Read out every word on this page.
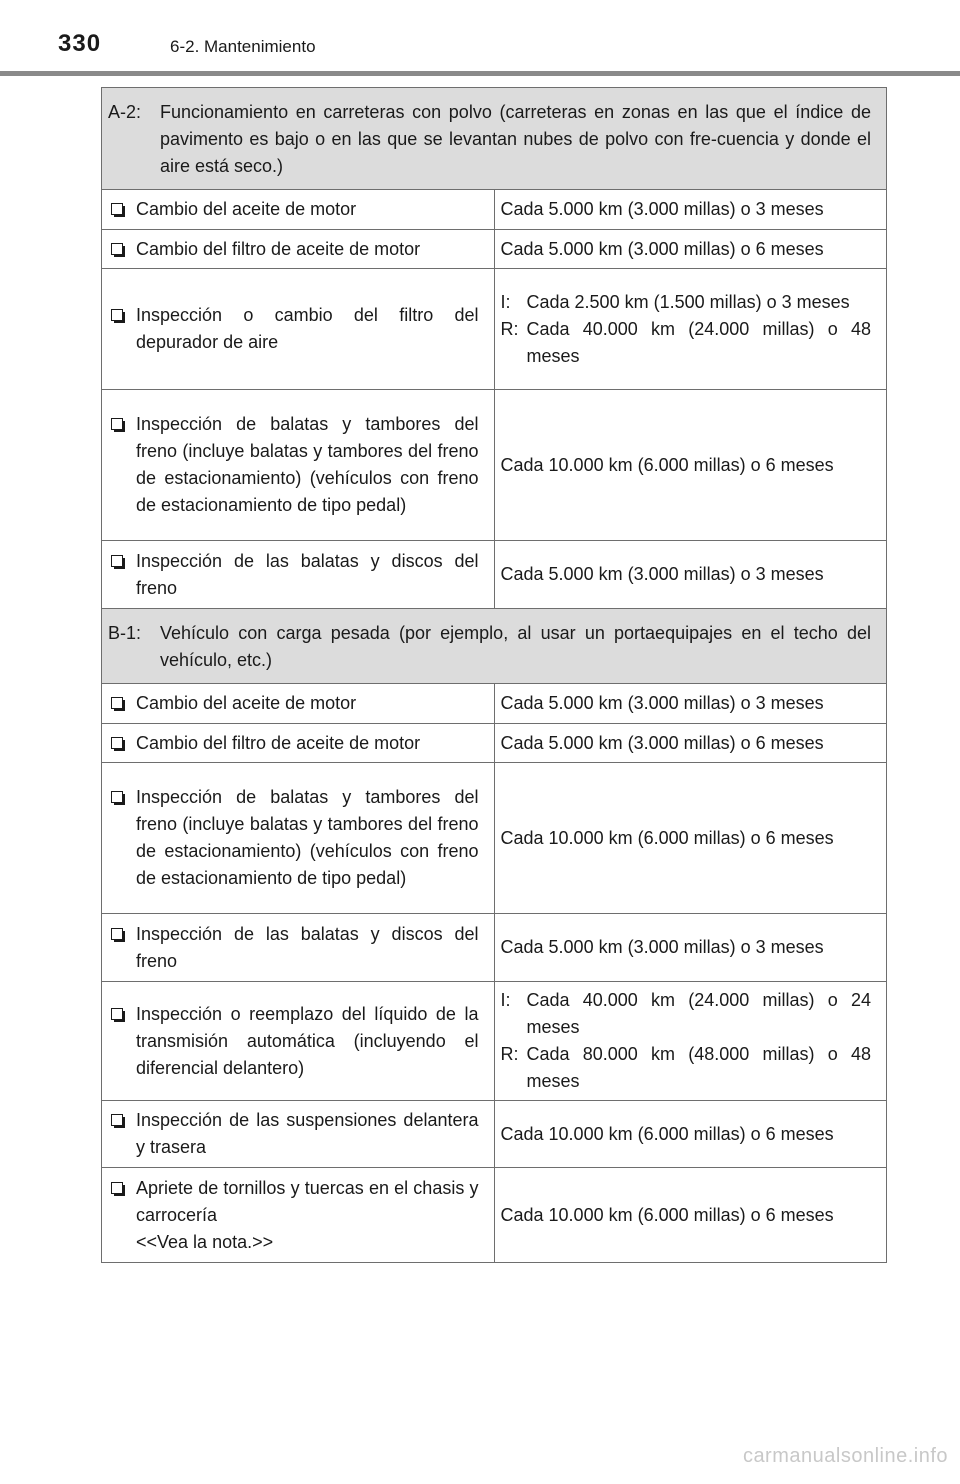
330	6-2. Mantenimiento
A-2: Funcionamiento en carreteras con polvo (carreteras en zonas en las que el índice de pavimento es bajo o en las que se levantan nubes de polvo con fre-cuencia y donde el aire está seco.)	

Cambio del aceite de motor	Cada 5.000 km (3.000 millas) o 3 meses

Cambio del filtro de aceite de motor	Cada 5.000 km (3.000 millas) o 6 meses

Inspección o cambio del filtro del depurador de aire	I: Cada 2.500 km (1.500 millas) o 3 meses
R: Cada 40.000 km (24.000 millas) o 48 meses

Inspección de balatas y tambores del freno (incluye balatas y tambores del freno de estacionamiento) (vehículos con freno de estacionamiento de tipo pedal)	Cada 10.000 km (6.000 millas) o 6 meses

Inspección de las balatas y discos del freno	Cada 5.000 km (3.000 millas) o 3 meses

B-1: Vehículo con carga pesada (por ejemplo, al usar un portaequipajes en el techo del vehículo, etc.)	

Cambio del aceite de motor	Cada 5.000 km (3.000 millas) o 3 meses

Cambio del filtro de aceite de motor	Cada 5.000 km (3.000 millas) o 6 meses

Inspección de balatas y tambores del freno (incluye balatas y tambores del freno de estacionamiento) (vehículos con freno de estacionamiento de tipo pedal)	Cada 10.000 km (6.000 millas) o 6 meses

Inspección de las balatas y discos del freno	Cada 5.000 km (3.000 millas) o 3 meses

Inspección o reemplazo del líquido de la transmisión automática (incluyendo el diferencial delantero)	I: Cada 40.000 km (24.000 millas) o 24 meses
R: Cada 80.000 km (48.000 millas) o 48 meses

Inspección de las suspensiones delantera y trasera	Cada 10.000 km (6.000 millas) o 6 meses

Apriete de tornillos y tuercas en el chasis y carrocería
<<Vea la nota.>>	Cada 10.000 km (6.000 millas) o 6 meses
carmanualsonline.info
